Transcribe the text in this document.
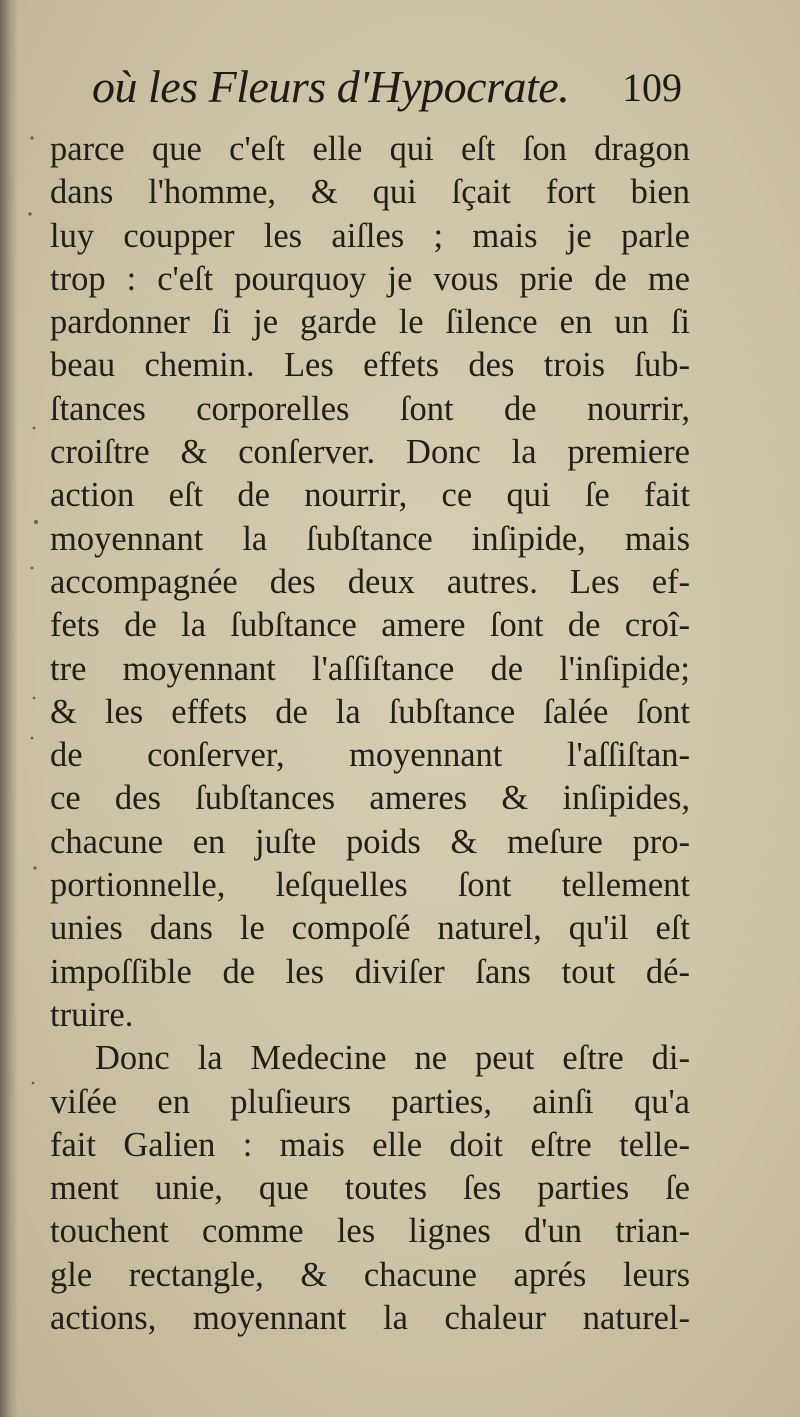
où les Fleurs d'Hypocrate. 109
parce que c'eſt elle qui eſt ſon dragon
dans l'homme, & qui ſçait fort bien
luy coupper les aiſles ; mais je parle
trop : c'eſt pourquoy je vous prie de me
pardonner ſi je garde le ſilence en un ſi
beau chemin. Les effets des trois ſub-
ſtances corporelles ſont de nourrir,
croiſtre & conſerver. Donc la premiere
action eſt de nourrir, ce qui ſe fait
moyennant la ſubſtance inſipide, mais
accompagnée des deux autres. Les ef-
fets de la ſubſtance amere ſont de croî-
tre moyennant l'aſſiſtance de l'inſipide;
& les effets de la ſubſtance ſalée ſont
de conſerver, moyennant l'aſſiſtan-
ce des ſubſtances ameres & inſipides,
chacune en juſte poids & meſure pro-
portionnelle, leſquelles ſont tellement
unies dans le compoſé naturel, qu'il eſt
impoſſible de les diviſer ſans tout dé-
truire.
Donc la Medecine ne peut eſtre di-
viſée en pluſieurs parties, ainſi qu'a
fait Galien : mais elle doit eſtre telle-
ment unie, que toutes ſes parties ſe
touchent comme les lignes d'un trian-
gle rectangle, & chacune aprés leurs
actions, moyennant la chaleur naturel-
